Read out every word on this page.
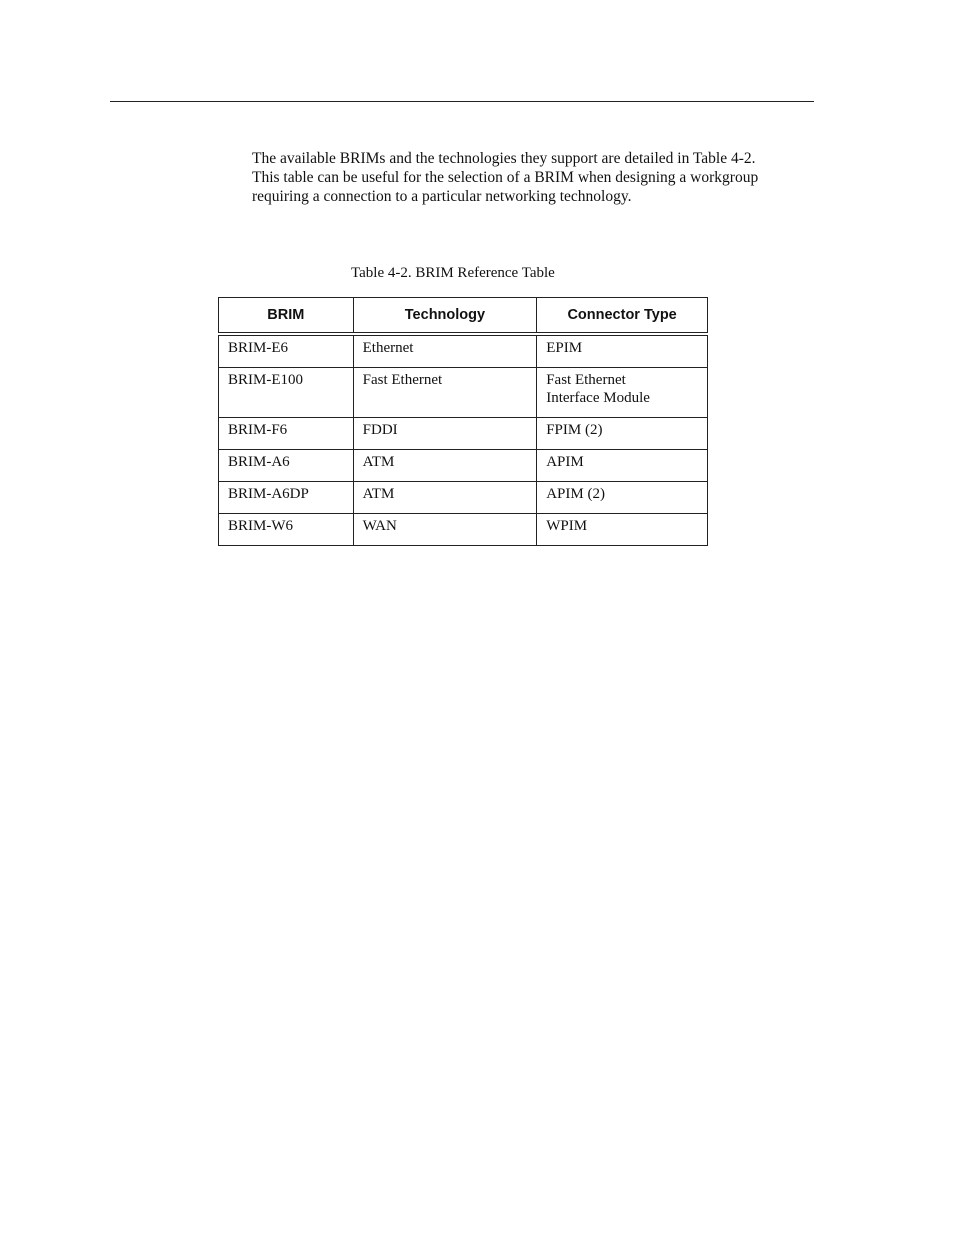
The available BRIMs and the technologies they support are detailed in Table 4-2.
This table can be useful for the selection of a BRIM when designing a workgroup
requiring a connection to a particular networking technology.

Table 4-2. BRIM Reference Table

BRIM	Technology	Connector Type
BRIM-E6	Ethernet	EPIM

BRIM-E100	Fast Ethernet	Fast Ethernet
Interface Module

BRIM-F6	FDDI	FPIM (2)

BRIM-A6	ATM	APIM

BRIM-A6DP	ATM	APIM (2)

BRIM-W6	WAN	WPIM
